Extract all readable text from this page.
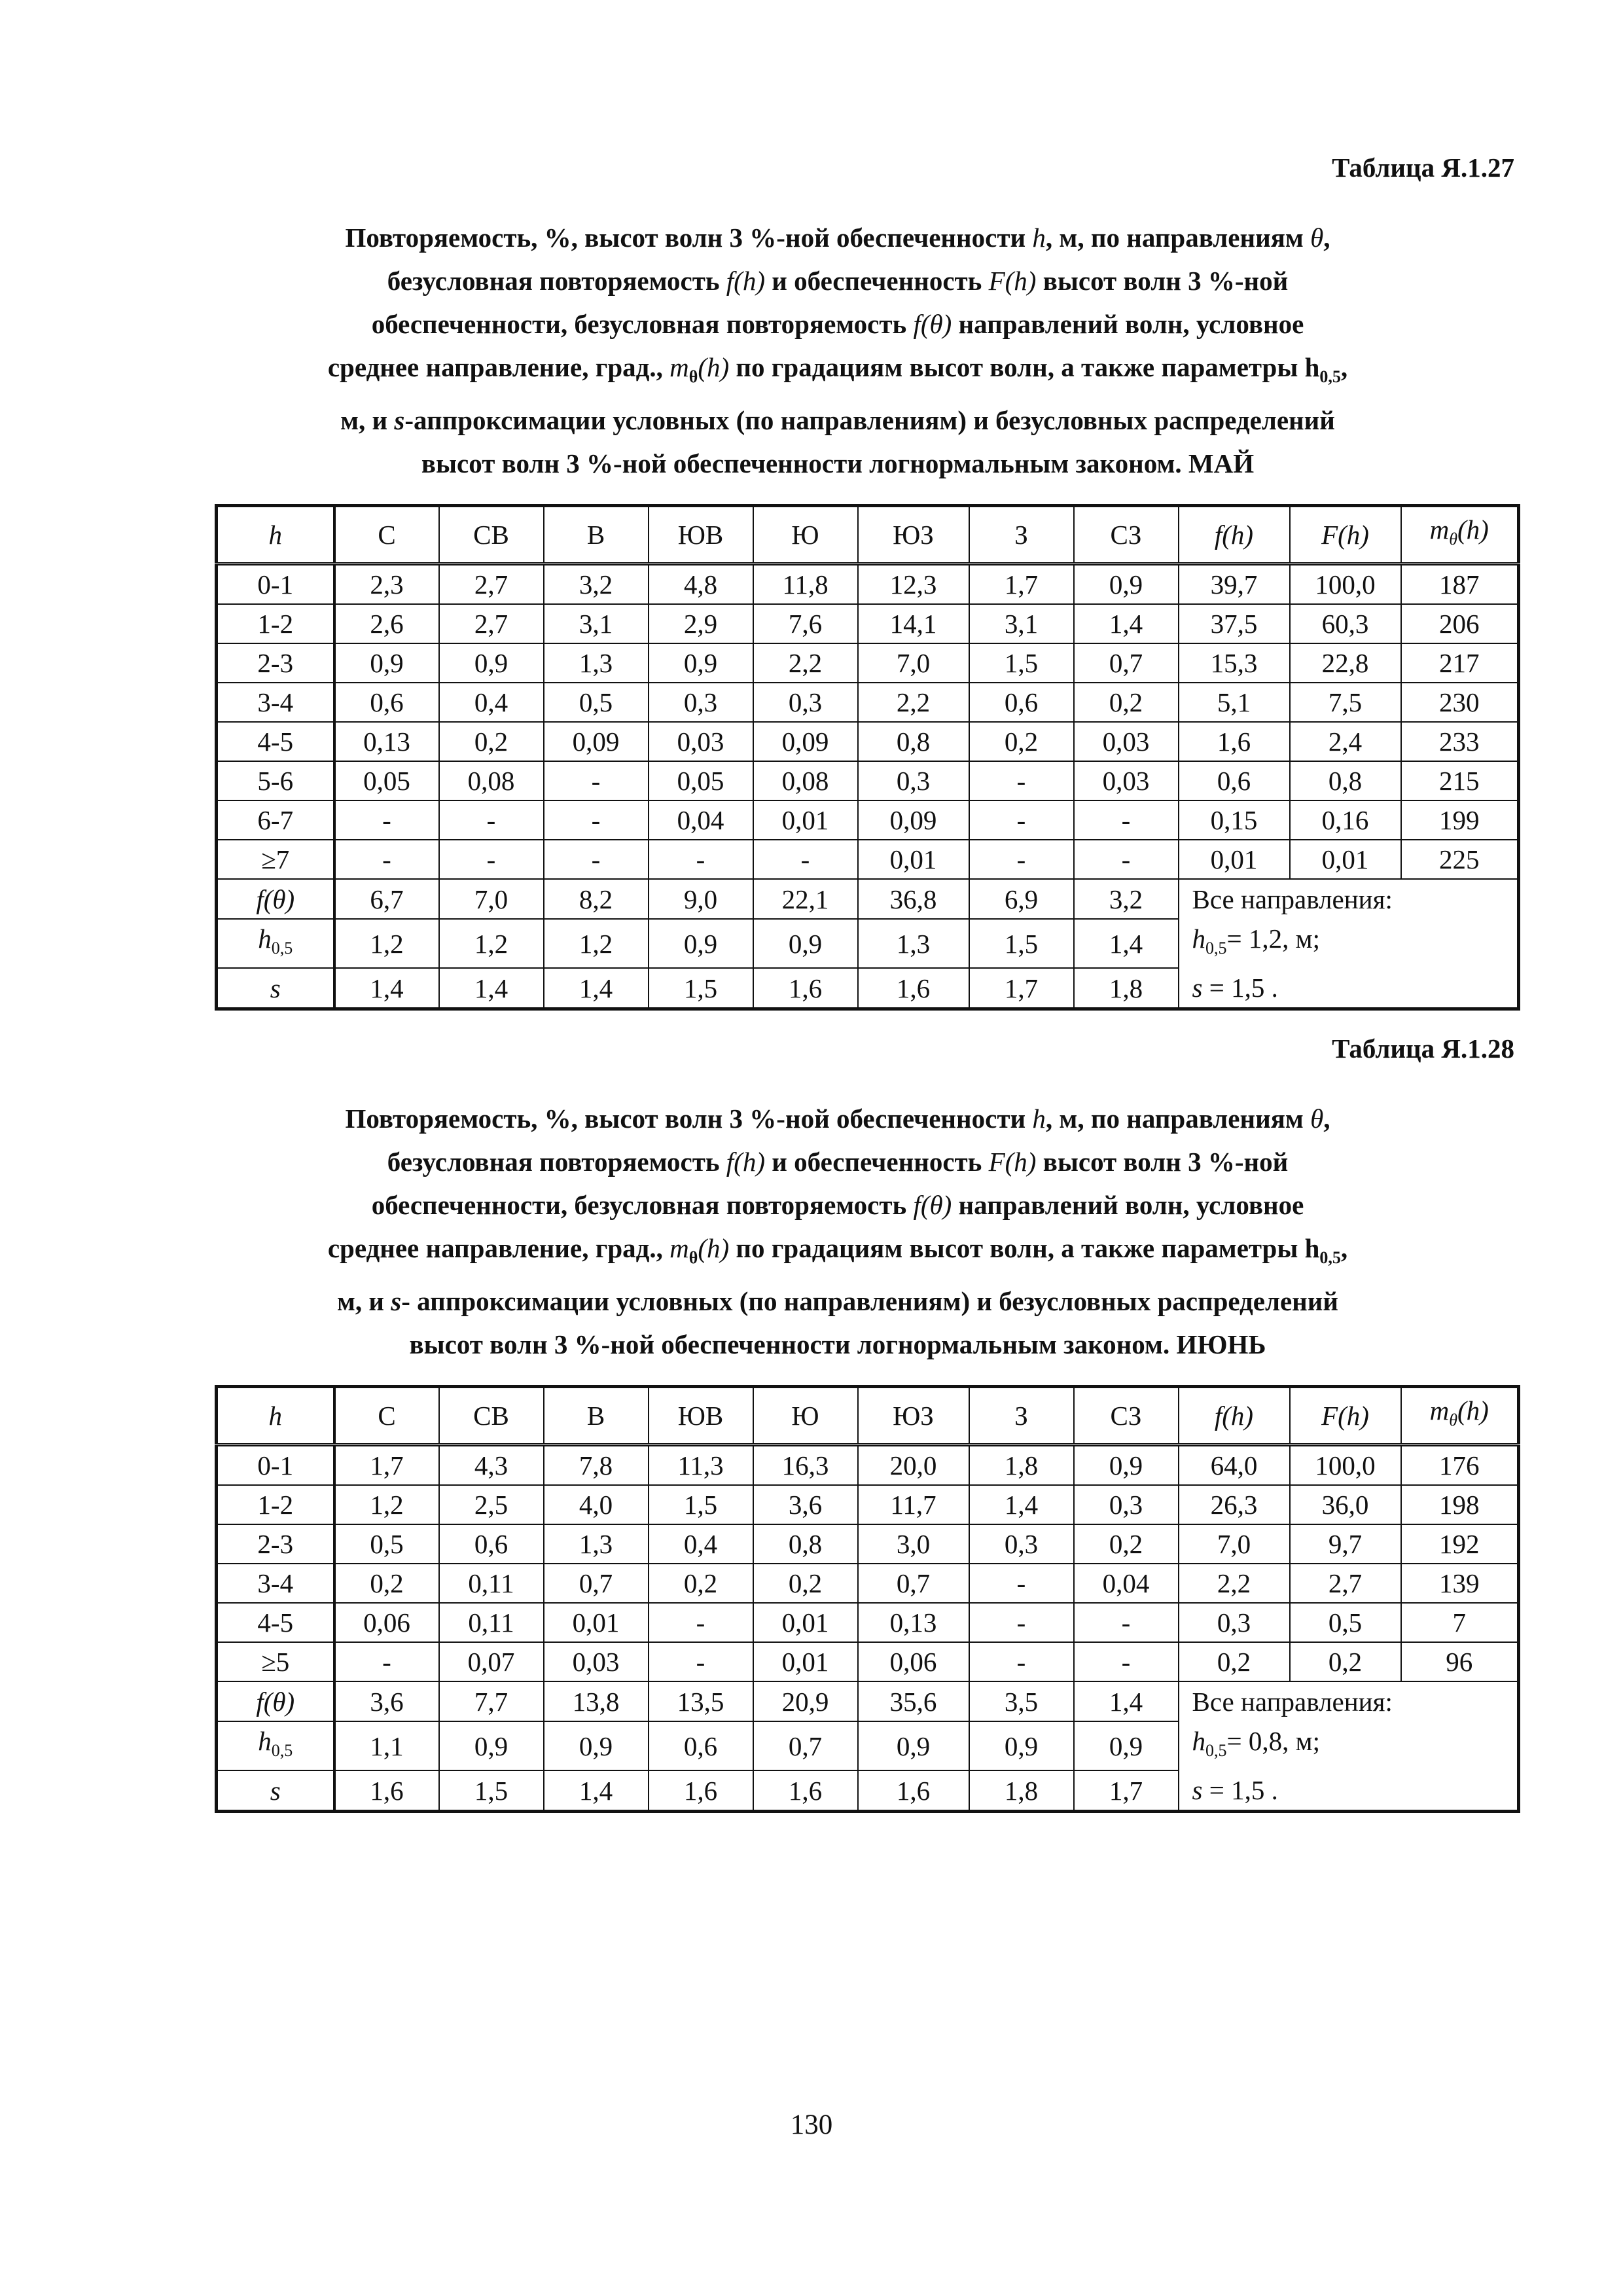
Таблица Я.1.27
Повторяемость, %, высот волн 3 %-ной обеспеченности h, м, по направлениям θ,
безусловная повторяемость f(h) и обеспеченность F(h) высот волн 3 %-ной
обеспеченности, безусловная повторяемость f(θ) направлений волн, условное
среднее направление, град., $m_\theta(h)$ по градациям высот волн, а также параметры $h_{0,5}$,
м, и s-аппроксимации условных (по направлениям) и безусловных распределений
высот волн 3 %-ной обеспеченности логнормальным законом. МАЙ
h	С	СВ	В	ЮВ	Ю	ЮЗ	З	СЗ	f(h)	F(h)	$m_\theta(h)$
0-1	2,3	2,7	3,2	4,8	11,8	12,3	1,7	0,9	39,7	100,0	187
1-2	2,6	2,7	3,1	2,9	7,6	14,1	3,1	1,4	37,5	60,3	206
2-3	0,9	0,9	1,3	0,9	2,2	7,0	1,5	0,7	15,3	22,8	217
3-4	0,6	0,4	0,5	0,3	0,3	2,2	0,6	0,2	5,1	7,5	230
4-5	0,13	0,2	0,09	0,03	0,09	0,8	0,2	0,03	1,6	2,4	233
5-6	0,05	0,08	-	0,05	0,08	0,3	-	0,03	0,6	0,8	215
6-7	-	-	-	0,04	0,01	0,09	-	-	0,15	0,16	199
≥7	-	-	-	-	-	0,01	-	-	0,01	0,01	225
f(θ)	6,7	7,0	8,2	9,0	22,1	36,8	6,9	3,2	Все направления:
$h_{0,5}= 1,2$, м;
s = 1,5 .		

$h_{0,5}$	1,2	1,2	1,2	0,9	0,9	1,3	1,5	1,4			
s	1,4	1,4	1,4	1,5	1,6	1,6	1,7	1,8			
Таблица Я.1.28
Повторяемость, %, высот волн 3 %-ной обеспеченности h, м, по направлениям θ,
безусловная повторяемость f(h) и обеспеченность F(h) высот волн 3 %-ной
обеспеченности, безусловная повторяемость f(θ) направлений волн, условное
среднее направление, град., $m_\theta(h)$ по градациям высот волн, а также параметры $h_{0,5}$,
м, и s- аппроксимации условных (по направлениям) и безусловных распределений
высот волн 3 %-ной обеспеченности логнормальным законом. ИЮНЬ
h	С	СВ	В	ЮВ	Ю	ЮЗ	З	СЗ	f(h)	F(h)	$m_\theta(h)$
0-1	1,7	4,3	7,8	11,3	16,3	20,0	1,8	0,9	64,0	100,0	176
1-2	1,2	2,5	4,0	1,5	3,6	11,7	1,4	0,3	26,3	36,0	198
2-3	0,5	0,6	1,3	0,4	0,8	3,0	0,3	0,2	7,0	9,7	192
3-4	0,2	0,11	0,7	0,2	0,2	0,7	-	0,04	2,2	2,7	139
4-5	0,06	0,11	0,01	-	0,01	0,13	-	-	0,3	0,5	7
≥5	-	0,07	0,03	-	0,01	0,06	-	-	0,2	0,2	96
f(θ)	3,6	7,7	13,8	13,5	20,9	35,6	3,5	1,4	Все направления:
$h_{0,5}= 0,8$, м;
s = 1,5 .		

$h_{0,5}$	1,1	0,9	0,9	0,6	0,7	0,9	0,9	0,9			
s	1,6	1,5	1,4	1,6	1,6	1,6	1,8	1,7			
130
